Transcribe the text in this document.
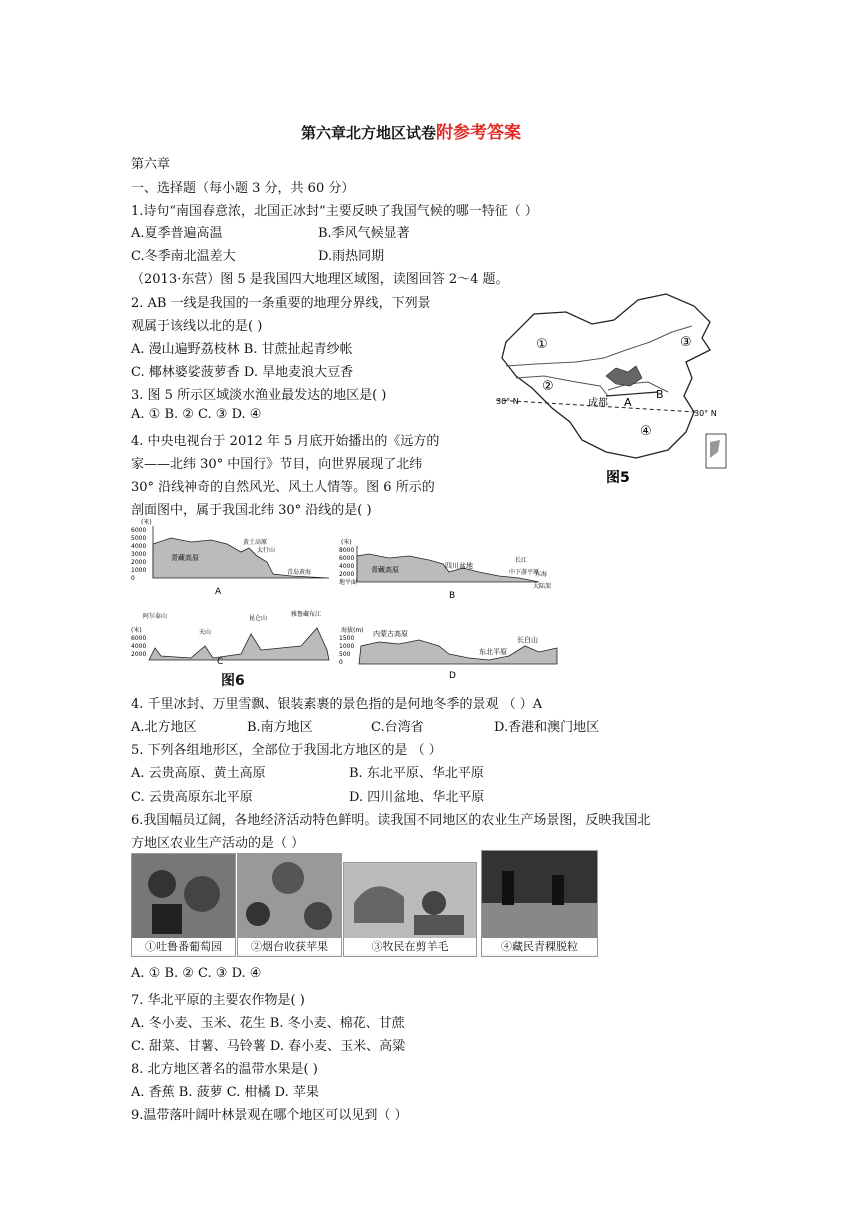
第六章北方地区试卷附参考答案
第六章
一、选择题（每小题 3 分，共 60 分）
1.诗句“南国春意浓，北国正冰封”主要反映了我国气候的哪一特征（ ）
A.夏季普遍高温	B.季风气候显著
C.冬季南北温差大	D.雨热同期
（2013·东营）图 5 是我国四大地理区域图，读图回答 2～4 题。
2. AB 一线是我国的一条重要的地理分界线，下列景
观属于该线以北的是( )
A. 漫山遍野荔枝林 B. 甘蔗扯起青纱帐
C. 椰林婆娑菠萝香 D. 旱地麦浪大豆香
3. 图 5 所示区域淡水渔业最发达的地区是( )
A. ① B. ② C. ③ D. ④
4. 中央电视台于 2012 年 5 月底开始播出的《远方的
家——北纬 30° 中国行》节目，向世界展现了北纬
30° 沿线神奇的自然风光、风土人情等。图 6 所示的
剖面图中，属于我国北纬 30° 沿线的是( )
①
②
③
④
A
B
成都
30° N
30° N
图5
(米)
6000
5000
4000
3000
2000
1000
0
青藏高原
黄土高原
太行山
青岛黄海
A
(米)
8000
6000
4000
2000
地平面
青藏高原	四川盆地
长江
中下游平原
东海
大陆架
B
(米)
6000
4000
2000
阿尔泰山
天山
昆仑山
雅鲁藏布江
C
海拔(m)
1500
1000
500
0
内蒙古高原
东北平原
长白山
D
图6
4. 千里冰封、万里雪飘、银装素裹的景色指的是何地冬季的景观 （ ）A
A.北方地区	B.南方地区	C.台湾省	D.香港和澳门地区
5. 下列各组地形区，全部位于我国北方地区的是 （ ）
A. 云贵高原、黄土高原	B. 东北平原、华北平原
C. 云贵高原东北平原	D. 四川盆地、华北平原
6.我国幅员辽阔，各地经济活动特色鲜明。读我国不同地区的农业生产场景图，反映我国北
方地区农业生产活动的是（ ）
①吐鲁番葡萄园	②烟台收获苹果	③牧民在剪羊毛	④藏民青稞脱粒
A. ① B. ② C. ③ D. ④
7. 华北平原的主要农作物是( )
A. 冬小麦、玉米、花生 B. 冬小麦、棉花、甘蔗
C. 甜菜、甘薯、马铃薯 D. 春小麦、玉米、高粱
8. 北方地区著名的温带水果是( )
A. 香蕉 B. 菠萝 C. 柑橘 D. 苹果
9.温带落叶阔叶林景观在哪个地区可以见到（ ）
